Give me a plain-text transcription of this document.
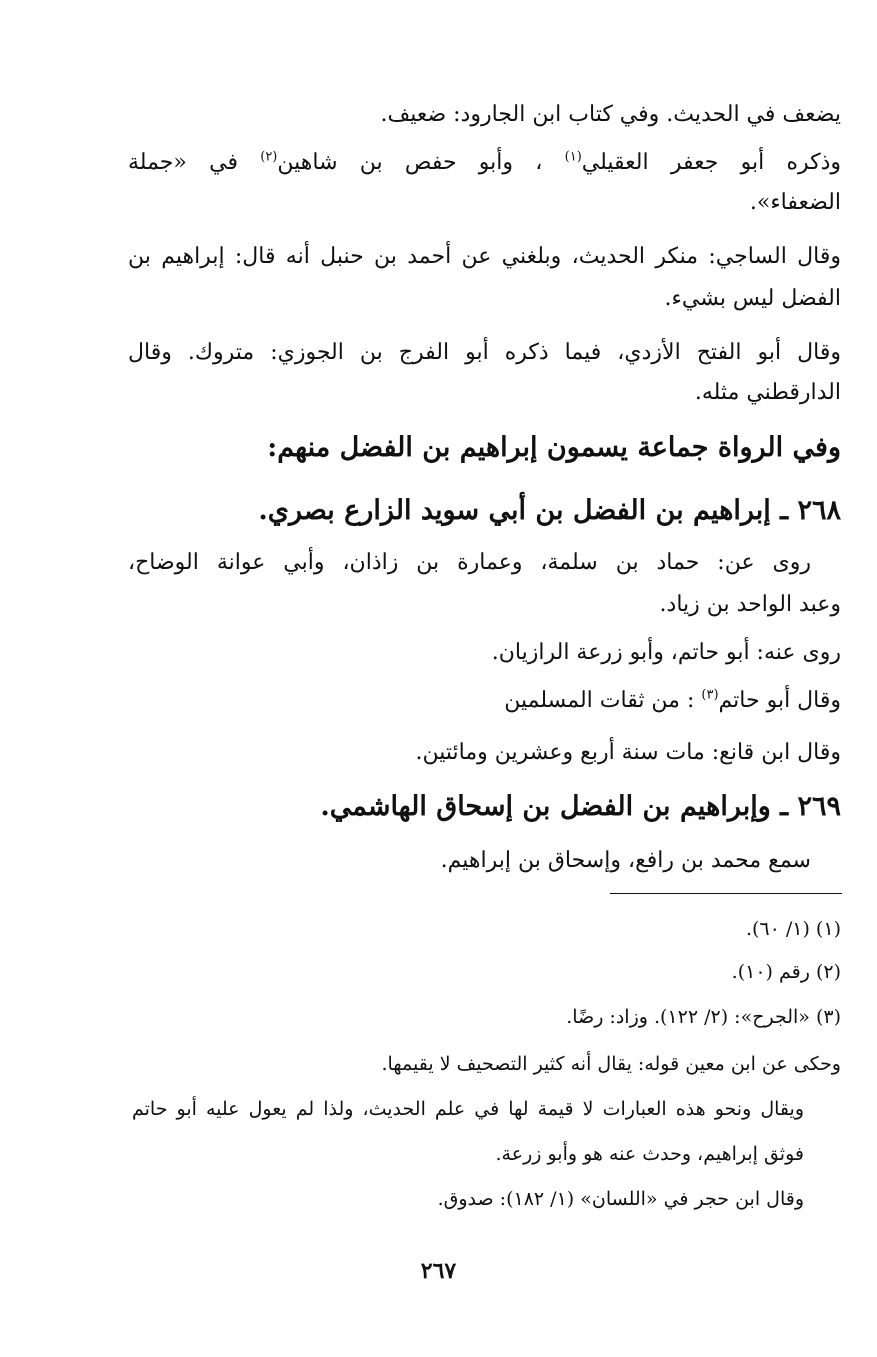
يضعف في الحديث. وفي كتاب ابن الجارود: ضعيف.
وذكره أبو جعفر العقيلي$^{(١)}$ ، وأبو حفص بن شاهين$^{(٢)}$ في «جملة
الضعفاء».
وقال الساجي: منكر الحديث، وبلغني عن أحمد بن حنبل أنه قال: إبراهيم بن
الفضل ليس بشيء.
وقال أبو الفتح الأزدي، فيما ذكره أبو الفرج بن الجوزي: متروك. وقال
الدارقطني مثله.
وفي الرواة جماعة يسمون إبراهيم بن الفضل منهم:
٢٦٨ ـ إبراهيم بن الفضل بن أبي سويد الزارع بصري.
روى عن: حماد بن سلمة، وعمارة بن زاذان، وأبي عوانة الوضاح،
وعبد الواحد بن زياد.
روى عنه: أبو حاتم، وأبو زرعة الرازيان.
وقال أبو حاتم$^{(٣)}$ : من ثقات المسلمين
وقال ابن قانع: مات سنة أربع وعشرين ومائتين.
٢٦٩ ـ وإبراهيم بن الفضل بن إسحاق الهاشمي.
سمع محمد بن رافع، وإسحاق بن إبراهيم.
(١) (١/ ٦٠).
(٢) رقم (١٠).
(٣) «الجرح»: (٢/ ١٢٢). وزاد: رضًا.
وحكى عن ابن معين قوله: يقال أنه كثير التصحيف لا يقيمها.
ويقال ونحو هذه العبارات لا قيمة لها في علم الحديث، ولذا لم يعول عليه أبو حاتم
فوثق إبراهيم، وحدث عنه هو وأبو زرعة.
وقال ابن حجر في «اللسان» (١/ ١٨٢): صدوق.
٢٦٧
